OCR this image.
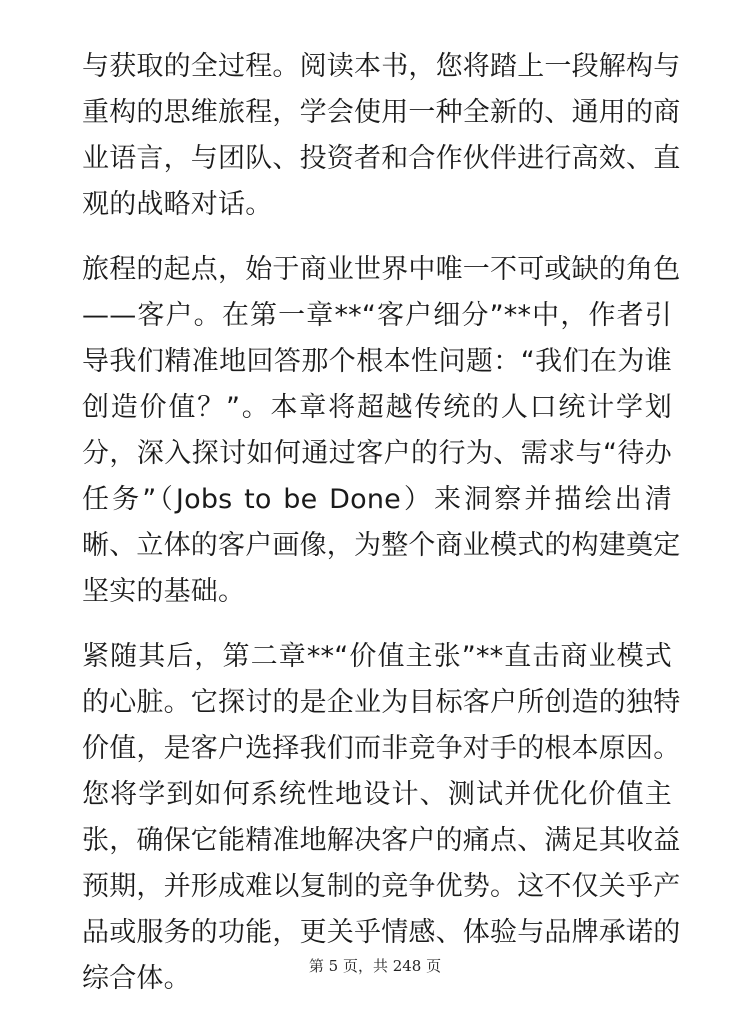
与获取的全过程。阅读本书，您将踏上一段解构与
重构的思维旅程，学会使用一种全新的、通用的商
业语言，与团队、投资者和合作伙伴进行高效、直
观的战略对话。
旅程的起点，始于商业世界中唯一不可或缺的角色
——客户。在第一章**“客户细分”**中，作者引
导我们精准地回答那个根本性问题：“我们在为谁
创造价值？”。本章将超越传统的人口统计学划
分，深入探讨如何通过客户的行为、需求与“待办
任务”（Jobs to be Done）来洞察并描绘出清
晰、立体的客户画像，为整个商业模式的构建奠定
坚实的基础。
紧随其后，第二章**“价值主张”**直击商业模式
的心脏。它探讨的是企业为目标客户所创造的独特
价值，是客户选择我们而非竞争对手的根本原因。
您将学到如何系统性地设计、测试并优化价值主
张，确保它能精准地解决客户的痛点、满足其收益
预期，并形成难以复制的竞争优势。这不仅关乎产
品或服务的功能，更关乎情感、体验与品牌承诺的
综合体。	第 5 页，共 248 页
